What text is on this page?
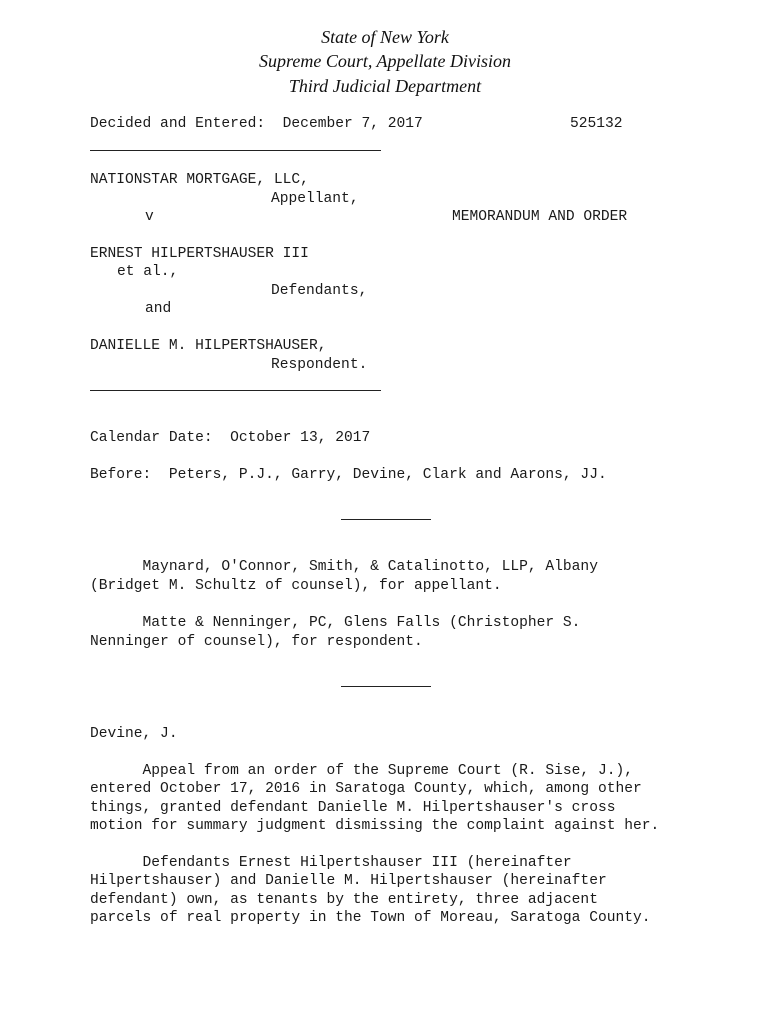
State of New York
Supreme Court, Appellate Division
Third Judicial Department
Decided and Entered:  December 7, 2017	525132
NATIONSTAR MORTGAGE, LLC,
Appellant,
v	MEMORANDUM AND ORDER
ERNEST HILPERTSHAUSER III
et al.,
Defendants,
and
DANIELLE M. HILPERTSHAUSER,
Respondent.
Calendar Date:  October 13, 2017
Before:  Peters, P.J., Garry, Devine, Clark and Aarons, JJ.
Maynard, O'Connor, Smith, & Catalinotto, LLP, Albany
(Bridget M. Schultz of counsel), for appellant.
Matte & Nenninger, PC, Glens Falls (Christopher S.
Nenninger of counsel), for respondent.
Devine, J.
Appeal from an order of the Supreme Court (R. Sise, J.),
entered October 17, 2016 in Saratoga County, which, among other
things, granted defendant Danielle M. Hilpertshauser's cross
motion for summary judgment dismissing the complaint against her.
Defendants Ernest Hilpertshauser III (hereinafter
Hilpertshauser) and Danielle M. Hilpertshauser (hereinafter
defendant) own, as tenants by the entirety, three adjacent
parcels of real property in the Town of Moreau, Saratoga County.
